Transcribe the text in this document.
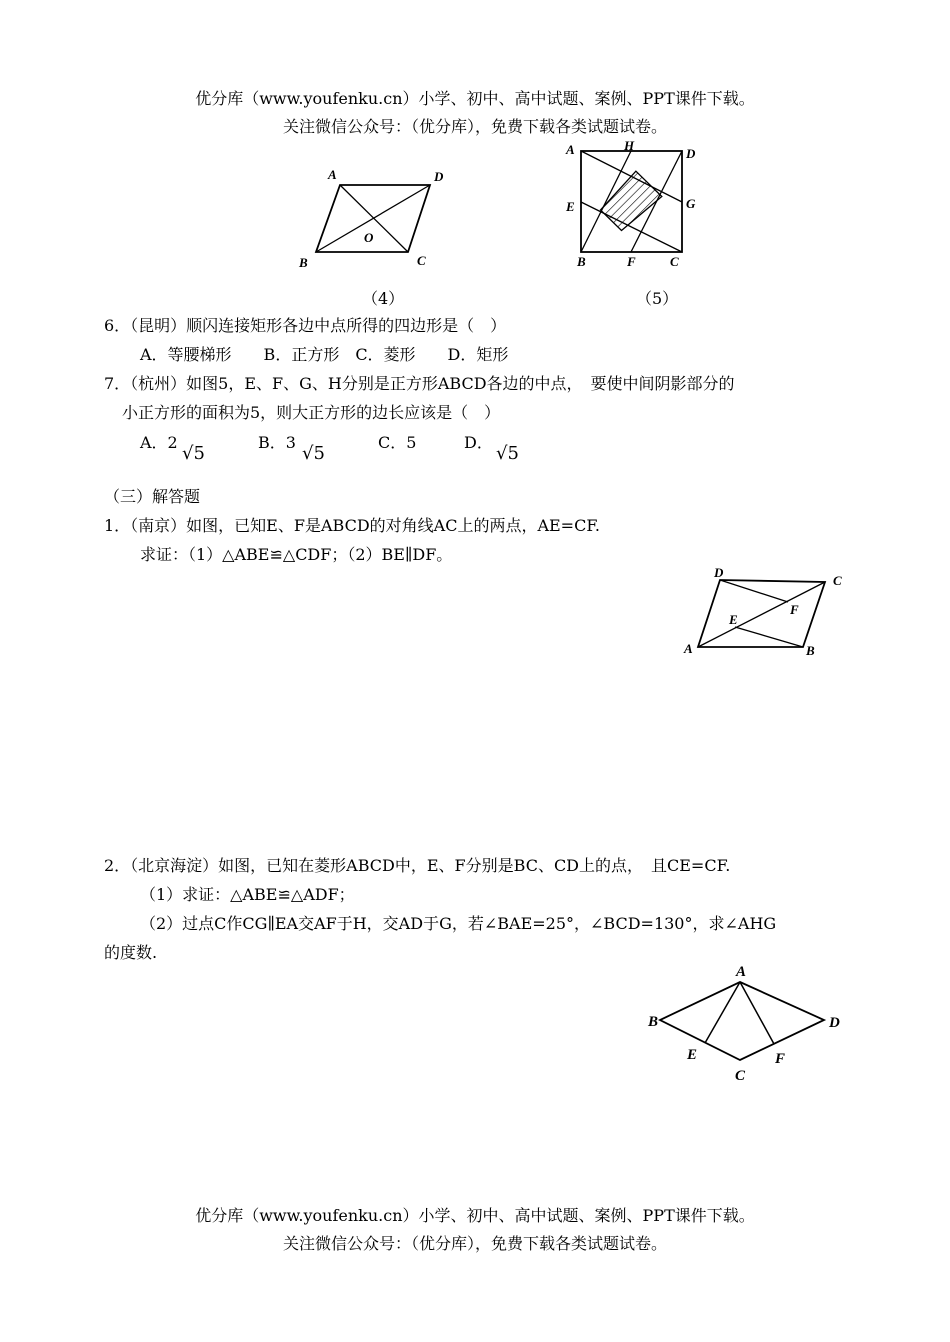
优分库（www.youfenku.cn）小学、初中、高中试题、案例、PPT课件下载。
关注微信公众号：（优分库），免费下载各类试题试卷。
A	D
B	C
O
（4）
A	H
D
E	G
B	F	C
（5）
6．（昆明）顺闪连接矩形各边中点所得的四边形是（　）
A．等腰梯形　　B．正方形　C．菱形　　D．矩形
7．（杭州）如图5，E、F、G、H分别是正方形ABCD各边的中点，　要使中间阴影部分的
小正方形的面积为5，则大正方形的边长应该是（　）
A．2
√5
B．3
√5
C．5	D．
√5
（三）解答题
1．（南京）如图，已知E、F是ABCD的对角线AC上的两点，AE=CF.
求证：（1）△ABE≌△CDF；（2）BE∥DF。
D
C
F
E
A	B
2．（北京海淀）如图，已知在菱形ABCD中，E、F分别是BC、CD上的点，　且CE=CF.
（1）求证：△ABE≌△ADF；
（2）过点C作CG∥EA交AF于H，交AD于G，若∠BAE=25°，∠BCD=130°，求∠AHG
的度数.
A
B	D
E	F
C
优分库（www.youfenku.cn）小学、初中、高中试题、案例、PPT课件下载。
关注微信公众号：（优分库），免费下载各类试题试卷。
